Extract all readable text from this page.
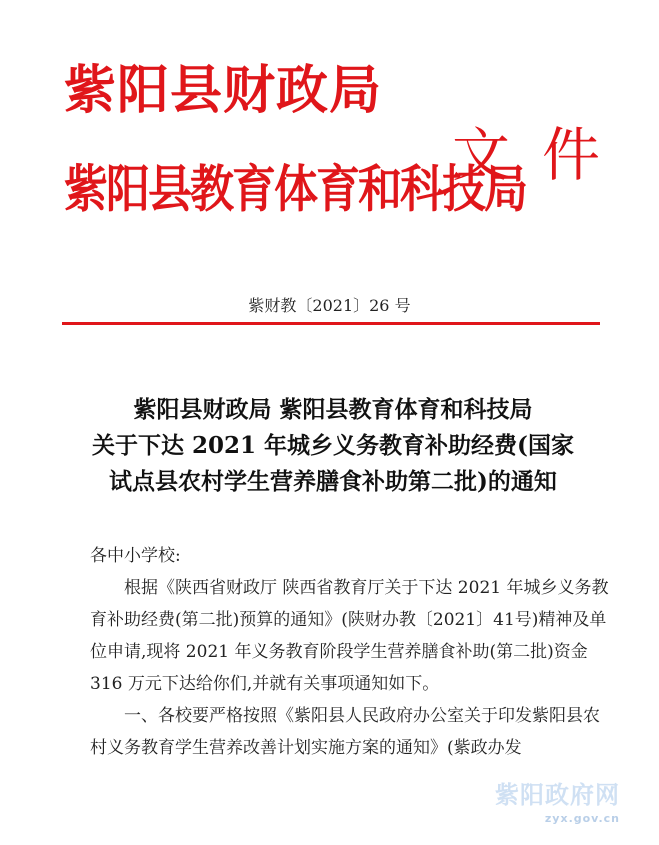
紫阳县财政局
紫阳县教育体育和科技局
文件
紫财教〔2021〕26 号
紫阳县财政局 紫阳县教育体育和科技局
关于下达 2021 年城乡义务教育补助经费(国家
试点县农村学生营养膳食补助第二批)的通知
各中小学校:
根据《陕西省财政厅 陕西省教育厅关于下达 2021 年城乡义务教育补助经费(第二批)预算的通知》(陕财办教〔2021〕41号)精神及单位申请,现将 2021 年义务教育阶段学生营养膳食补助(第二批)资金 316 万元下达给你们,并就有关事项通知如下。
一、各校要严格按照《紫阳县人民政府办公室关于印发紫阳县农村义务教育学生营养改善计划实施方案的通知》(紫政办发
紫阳政府网
zyx.gov.cn
